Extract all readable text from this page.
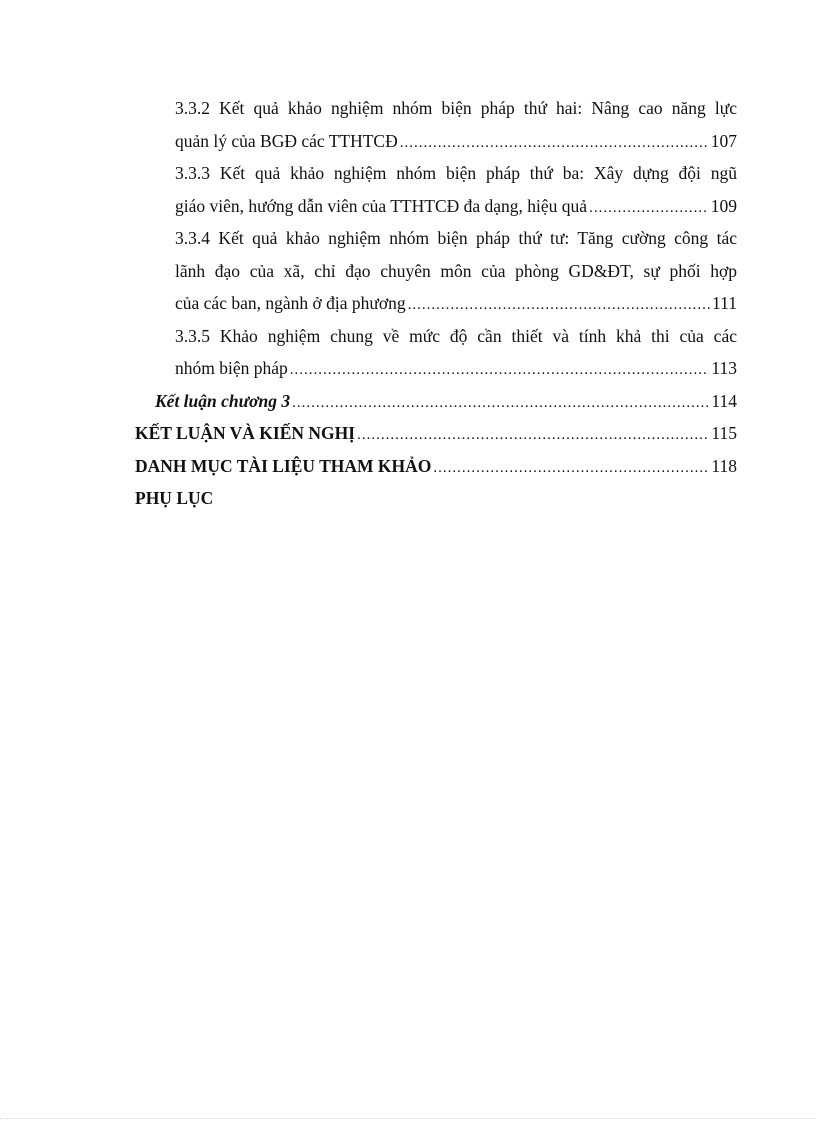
3.3.2 Kết quả khảo nghiệm nhóm biện pháp thứ hai: Nâng cao năng lực
quản lý của BGĐ các TTHTCĐ .....	107
3.3.3 Kết quả khảo nghiệm nhóm biện pháp thứ ba: Xây dựng đội ngũ
giáo viên, hướng dẫn viên của TTHTCĐ đa dạng, hiệu quả .....	109
3.3.4 Kết quả khảo nghiệm nhóm biện pháp thứ tư: Tăng cường công tác
lãnh đạo của xã, chỉ đạo chuyên môn của phòng GD&ĐT, sự phối hợp
của các ban, ngành ở địa phương .....	111
3.3.5 Khảo nghiệm chung về mức độ cần thiết và tính khả thi của các
nhóm biện pháp .....	113
Kết luận chương 3 .....	114
KẾT LUẬN VÀ KIẾN NGHỊ .....	115
DANH MỤC TÀI LIỆU THAM KHẢO .....	118
PHỤ LỤC
